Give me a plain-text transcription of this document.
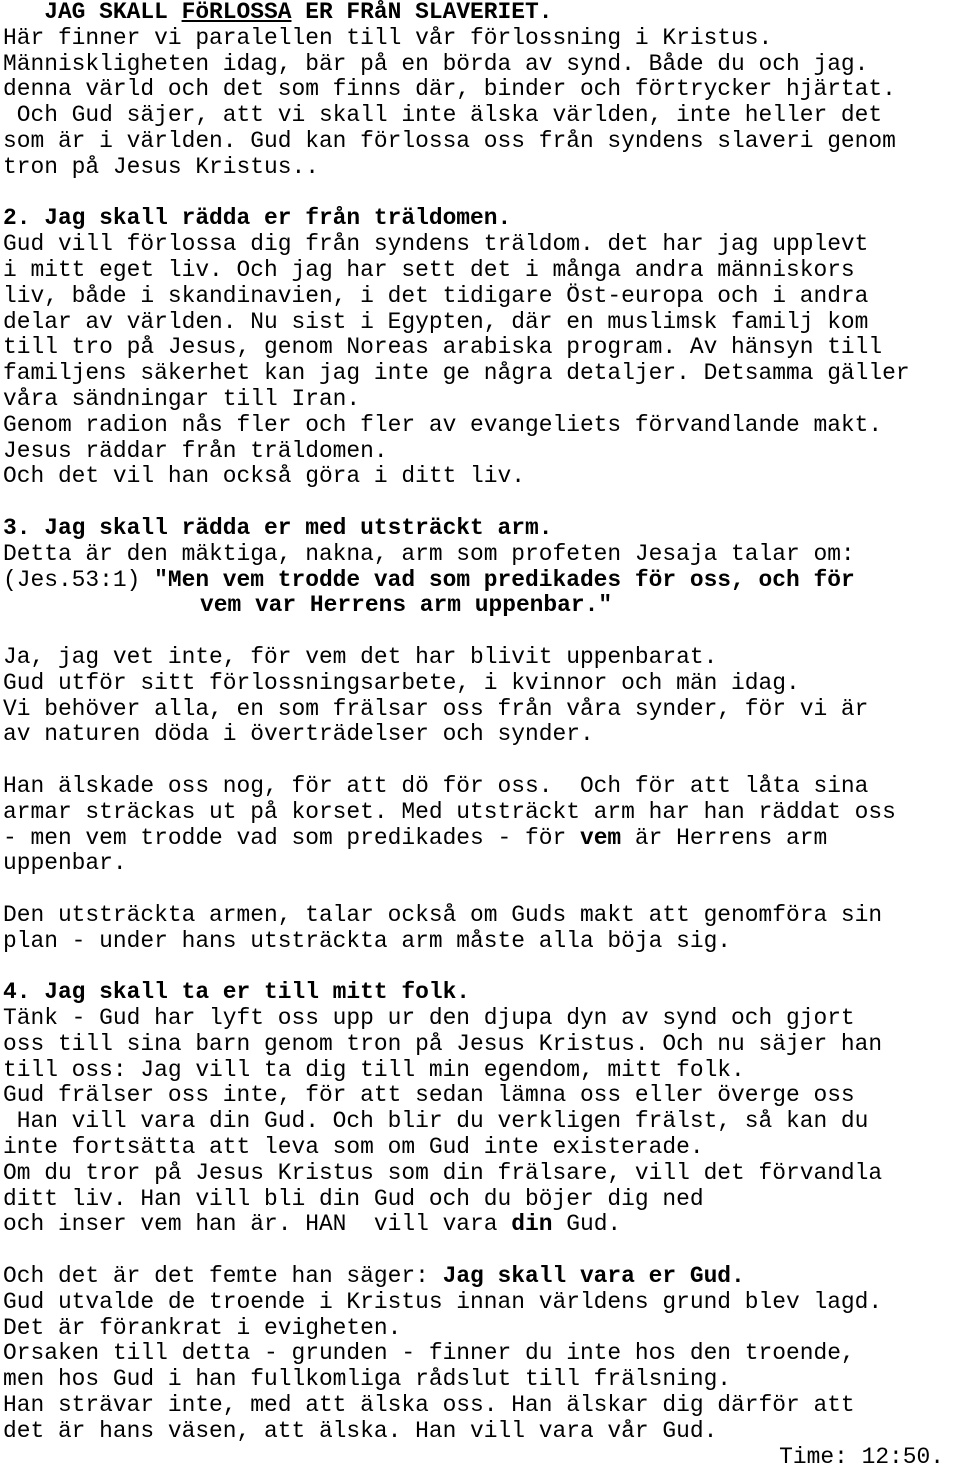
JAG SKALL FöRLOSSA ER FRåN SLAVERIET.
Här finner vi paralellen till vår förlossning i Kristus.
Människligheten idag, bär på en börda av synd. Både du och jag.
denna värld och det som finns där, binder och förtrycker hjärtat.
Och Gud säjer, att vi skall inte älska världen, inte heller det
som är i världen. Gud kan förlossa oss från syndens slaveri genom
tron på Jesus Kristus..
2. Jag skall rädda er från träldomen.
Gud vill förlossa dig från syndens träldom. det har jag upplevt
i mitt eget liv. Och jag har sett det i många andra människors
liv, både i skandinavien, i det tidigare Öst-europa och i andra
delar av världen. Nu sist i Egypten, där en muslimsk familj kom
till tro på Jesus, genom Noreas arabiska program. Av hänsyn till
familjens säkerhet kan jag inte ge några detaljer. Detsamma gäller
våra sändningar till Iran.
Genom radion nås fler och fler av evangeliets förvandlande makt.
Jesus räddar från träldomen.
Och det vil han också göra i ditt liv.
3. Jag skall rädda er med utsträckt arm.
Detta är den mäktiga, nakna, arm som profeten Jesaja talar om:
(Jes.53:1) "Men vem trodde vad som predikades för oss, och för
vem var Herrens arm uppenbar."
Ja, jag vet inte, för vem det har blivit uppenbarat.
Gud utför sitt förlossningsarbete, i kvinnor och män idag.
Vi behöver alla, en som frälsar oss från våra synder, för vi är
av naturen döda i överträdelser och synder.
Han älskade oss nog, för att dö för oss.  Och för att låta sina
armar sträckas ut på korset. Med utsträckt arm har han räddat oss
- men vem trodde vad som predikades - för vem är Herrens arm
uppenbar.
Den utsträckta armen, talar också om Guds makt att genomföra sin
plan - under hans utsträckta arm måste alla böja sig.
4. Jag skall ta er till mitt folk.
Tänk - Gud har lyft oss upp ur den djupa dyn av synd och gjort
oss till sina barn genom tron på Jesus Kristus. Och nu säjer han
till oss: Jag vill ta dig till min egendom, mitt folk.
Gud frälser oss inte, för att sedan lämna oss eller överge oss
Han vill vara din Gud. Och blir du verkligen frälst, så kan du
inte fortsätta att leva som om Gud inte existerade.
Om du tror på Jesus Kristus som din frälsare, vill det förvandla
ditt liv. Han vill bli din Gud och du böjer dig ned
och inser vem han är. HAN  vill vara din Gud.
Och det är det femte han säger: Jag skall vara er Gud.
Gud utvalde de troende i Kristus innan världens grund blev lagd.
Det är förankrat i evigheten.
Orsaken till detta - grunden - finner du inte hos den troende,
men hos Gud i han fullkomliga rådslut till frälsning.
Han strävar inte, med att älska oss. Han älskar dig därför att
det är hans väsen, att älska. Han vill vara vår Gud.
Time: 12:50.
